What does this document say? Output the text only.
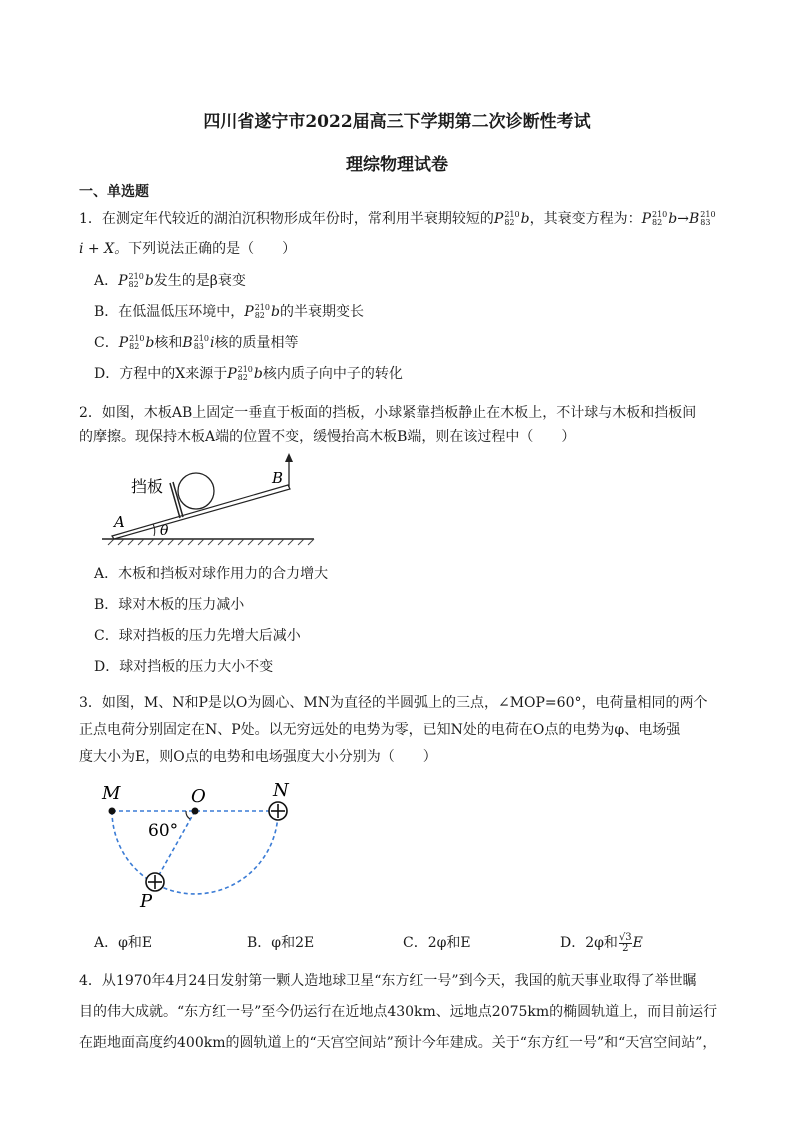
四川省遂宁市2022届高三下学期第二次诊断性考试
理综物理试卷
一、单选题
1．在测定年代较近的湖泊沉积物形成年份时，常利用半衰期较短的P 210
82 b，其衰变方程为：P 210
82 b→B 210
83
i + X。下列说法正确的是（　　）
A．P 210
82 b发生的是β衰变
B．在低温低压环境中，P 210
82 b的半衰期变长
C．P 210
82 b核和B 210
83 i核的质量相等
D．方程中的X来源于P 210
82 b核内质子向中子的转化
2．如图，木板AB上固定一垂直于板面的挡板，小球紧靠挡板静止在木板上，不计球与木板和挡板间
的摩擦。现保持木板A端的位置不变，缓慢抬高木板B端，则在该过程中（　　）
挡板
A
B
θ
A．木板和挡板对球作用力的合力增大
B．球对木板的压力减小
C．球对挡板的压力先增大后减小
D．球对挡板的压力大小不变
3．如图，M、N和P是以O为圆心、MN为直径的半圆弧上的三点，∠MOP=60°，电荷量相同的两个
正点电荷分别固定在N、P处。以无穷远处的电势为零，已知N处的电荷在O点的电势为φ、电场强
度大小为E，则O点的电势和电场强度大小分别为（　　）
M	O	N
P
60°
A．φ和E	B．φ和2E	C．2φ和E	D．2φ和 $\frac{√3}{2}$ E
4．从1970年4月24日发射第一颗人造地球卫星“东方红一号”到今天，我国的航天事业取得了举世瞩
目的伟大成就。“东方红一号”至今仍运行在近地点430km、远地点2075km的椭圆轨道上，而目前运行
在距地面高度约400km的圆轨道上的“天宫空间站”预计今年建成。关于“东方红一号”和“天宫空间站”，
